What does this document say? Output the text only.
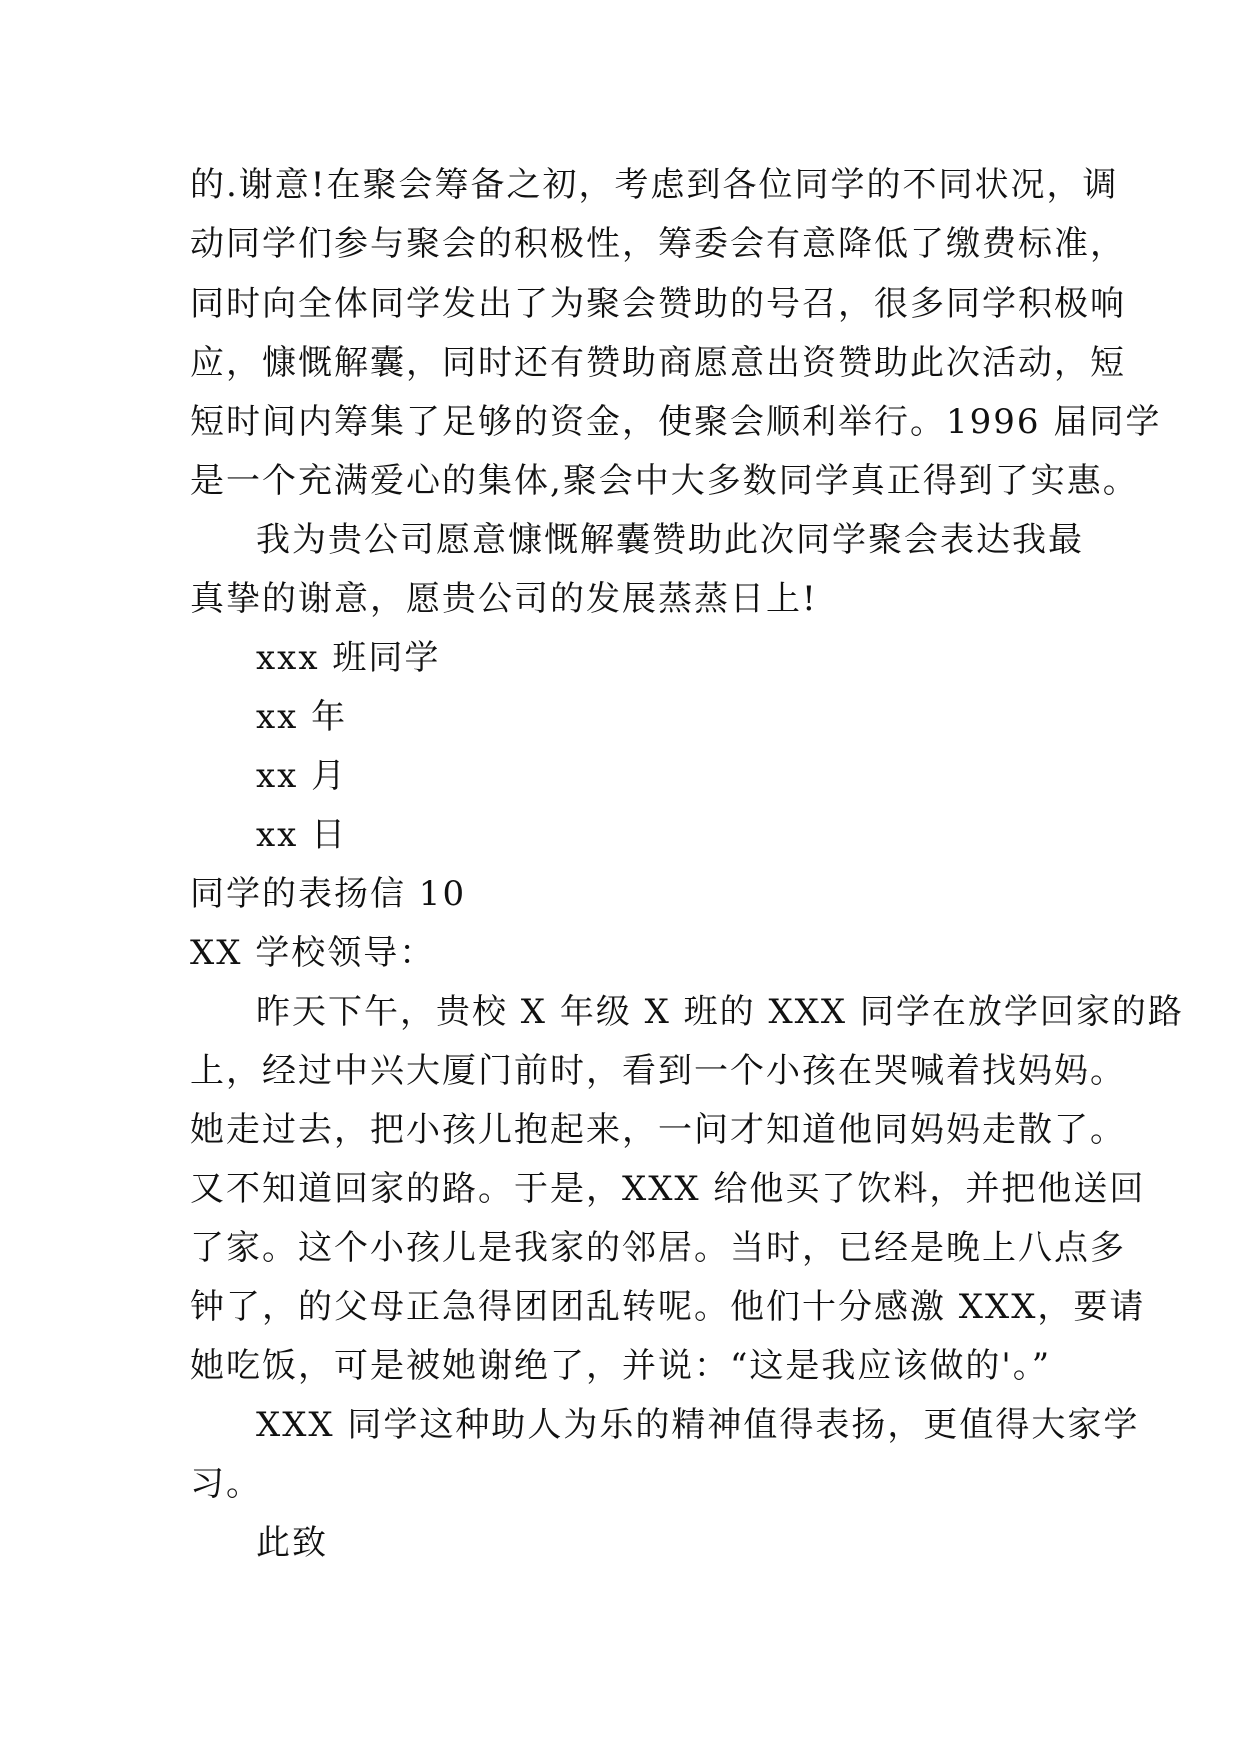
的.谢意!在聚会筹备之初，考虑到各位同学的不同状况，调
动同学们参与聚会的积极性，筹委会有意降低了缴费标准，
同时向全体同学发出了为聚会赞助的号召，很多同学积极响
应，慷慨解囊，同时还有赞助商愿意出资赞助此次活动，短
短时间内筹集了足够的资金，使聚会顺利举行。1996 届同学
是一个充满爱心的集体,聚会中大多数同学真正得到了实惠。
我为贵公司愿意慷慨解囊赞助此次同学聚会表达我最
真挚的谢意，愿贵公司的发展蒸蒸日上!
xxx 班同学
xx 年
xx 月
xx 日
同学的表扬信 10
XX 学校领导：
昨天下午，贵校 X 年级 X 班的 XXX 同学在放学回家的路
上，经过中兴大厦门前时，看到一个小孩在哭喊着找妈妈。
她走过去，把小孩儿抱起来，一问才知道他同妈妈走散了。
又不知道回家的路。于是，XXX 给他买了饮料，并把他送回
了家。这个小孩儿是我家的邻居。当时，已经是晚上八点多
钟了，的父母正急得团团乱转呢。他们十分感激 XXX，要请
她吃饭，可是被她谢绝了，并说：“这是我应该做的'。”
XXX 同学这种助人为乐的精神值得表扬，更值得大家学
习。
此致
